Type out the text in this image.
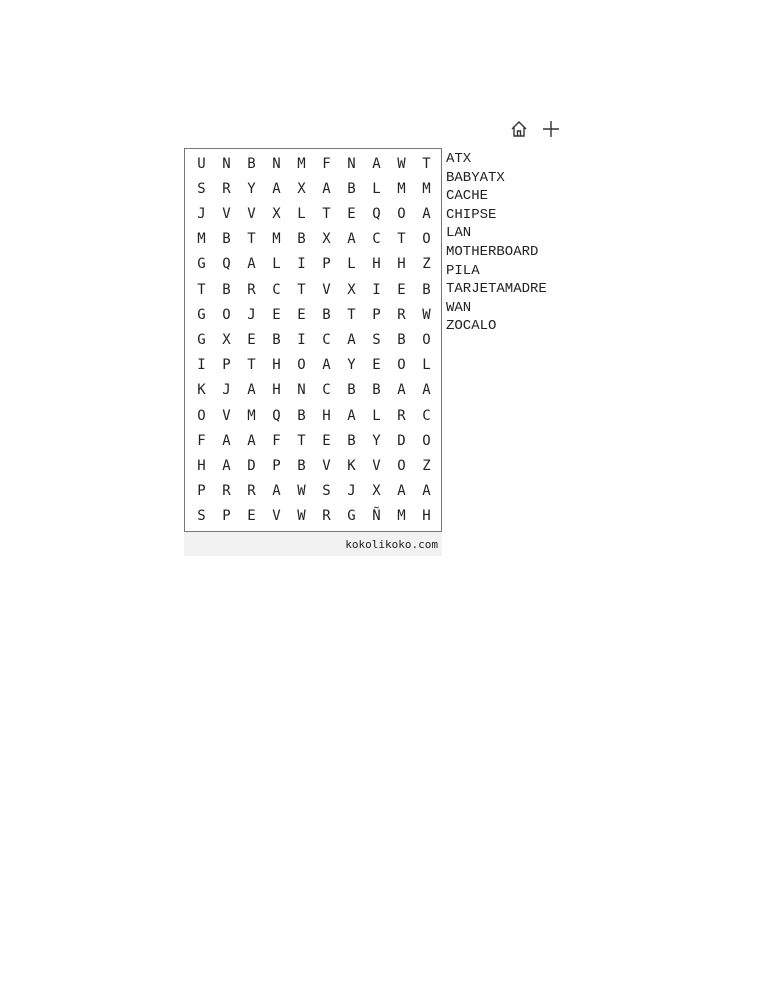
U	N	B	N	M	F	N	A	W	T
S	R	Y	A	X	A	B	L	M	M
J	V	V	X	L	T	E	Q	O	A
M	B	T	M	B	X	A	C	T	O
G	Q	A	L	I	P	L	H	H	Z
T	B	R	C	T	V	X	I	E	B
G	O	J	E	E	B	T	P	R	W
G	X	E	B	I	C	A	S	B	O
I	P	T	H	O	A	Y	E	O	L
K	J	A	H	N	C	B	B	A	A
O	V	M	Q	B	H	A	L	R	C
F	A	A	F	T	E	B	Y	D	O
H	A	D	P	B	V	K	V	O	Z
P	R	R	A	W	S	J	X	A	A
S	P	E	V	W	R	G	Ñ	M	H
kokolikoko.com
ATX
BABYATX
CACHE
CHIPSE
LAN
MOTHERBOARD
PILA
TARJETAMADRE
WAN
ZOCALO
